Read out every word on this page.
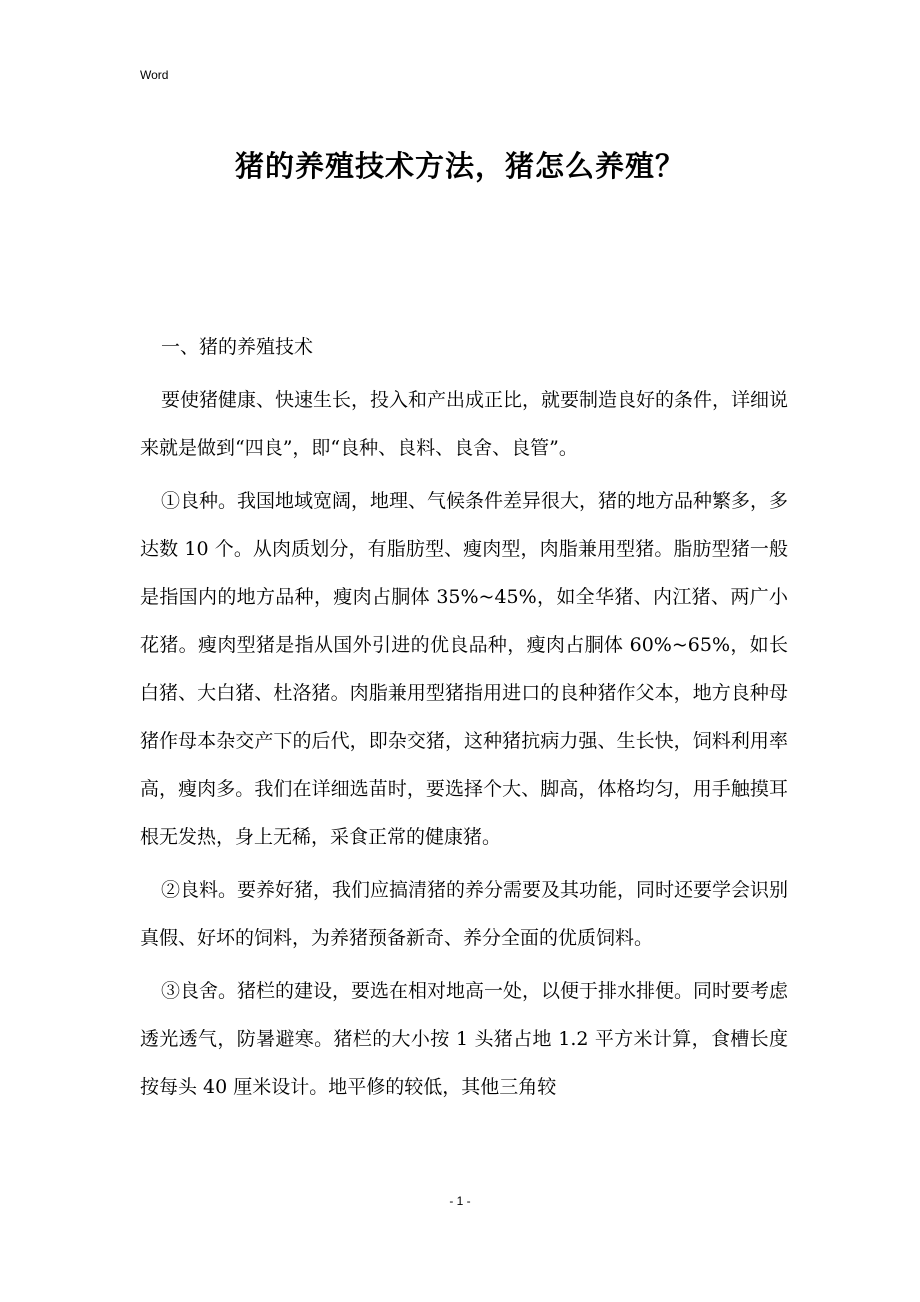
Word
猪的养殖技术方法，猪怎么养殖？

一、猪的养殖技术

要使猪健康、快速生长，投入和产出成正比，就要制造良好的条件，详细说来就是做到“四良”，即“良种、良料、良舍、良管”。

①良种。我国地域宽阔，地理、气候条件差异很大，猪的地方品种繁多，多达数 10 个。从肉质划分，有脂肪型、瘦肉型，肉脂兼用型猪。脂肪型猪一般是指国内的地方品种，瘦肉占胴体 35%~45%，如全华猪、内江猪、两广小花猪。瘦肉型猪是指从国外引进的优良品种，瘦肉占胴体 60%~65%，如长白猪、大白猪、杜洛猪。肉脂兼用型猪指用进口的良种猪作父本，地方良种母猪作母本杂交产下的后代，即杂交猪，这种猪抗病力强、生长快，饲料利用率高，瘦肉多。我们在详细选苗时，要选择个大、脚高，体格均匀，用手触摸耳根无发热，身上无稀，采食正常的健康猪。

②良料。要养好猪，我们应搞清猪的养分需要及其功能，同时还要学会识别真假、好坏的饲料，为养猪预备新奇、养分全面的优质饲料。

③良舍。猪栏的建设，要选在相对地高一处，以便于排水排便。同时要考虑透光透气，防暑避寒。猪栏的大小按 1 头猪占地 1.2 平方米计算，食槽长度按每头 40 厘米设计。地平修的较低，其他三角较

- 1 -
